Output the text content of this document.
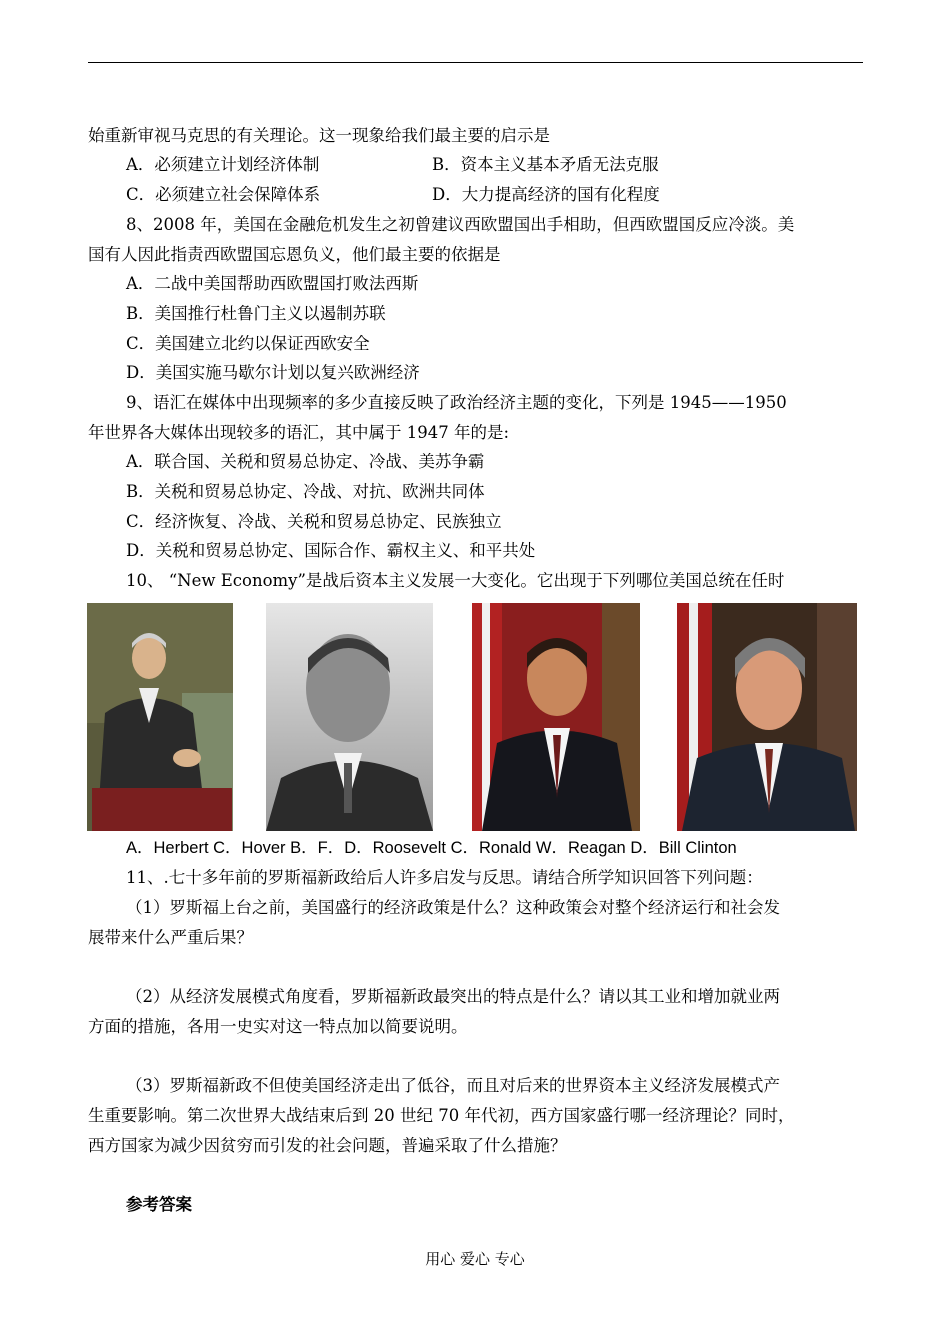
始重新审视马克思的有关理论。这一现象给我们最主要的启示是
A．必须建立计划经济体制	B．资本主义基本矛盾无法克服
C．必须建立社会保障体系	D．大力提高经济的国有化程度
8、2008 年，美国在金融危机发生之初曾建议西欧盟国出手相助，但西欧盟国反应冷淡。美
国有人因此指责西欧盟国忘恩负义，他们最主要的依据是
A．二战中美国帮助西欧盟国打败法西斯
B．美国推行杜鲁门主义以遏制苏联
C．美国建立北约以保证西欧安全
D．美国实施马歇尔计划以复兴欧洲经济
9、语汇在媒体中出现频率的多少直接反映了政治经济主题的变化，下列是 1945——1950
年世界各大媒体出现较多的语汇，其中属于 1947 年的是:
A．联合国、关税和贸易总协定、冷战、美苏争霸
B．关税和贸易总协定、冷战、对抗、欧洲共同体
C．经济恢复、冷战、关税和贸易总协定、民族独立
D．关税和贸易总协定、国际合作、霸权主义、和平共处
10、 “New Economy”是战后资本主义发展一大变化。它出现于下列哪位美国总统在任时
A．Herbert C．Hover B．F．D．Roosevelt C．Ronald W．Reagan D．Bill Clinton
11、.七十多年前的罗斯福新政给后人许多启发与反思。请结合所学知识回答下列问题：
（1）罗斯福上台之前，美国盛行的经济政策是什么？这种政策会对整个经济运行和社会发
展带来什么严重后果？
（2）从经济发展模式角度看，罗斯福新政最突出的特点是什么？请以其工业和增加就业两
方面的措施，各用一史实对这一特点加以简要说明。
（3）罗斯福新政不但使美国经济走出了低谷，而且对后来的世界资本主义经济发展模式产
生重要影响。第二次世界大战结束后到 20 世纪 70 年代初，西方国家盛行哪一经济理论？同时，
西方国家为减少因贫穷而引发的社会问题，普遍采取了什么措施？
参考答案
用心 爱心 专心
